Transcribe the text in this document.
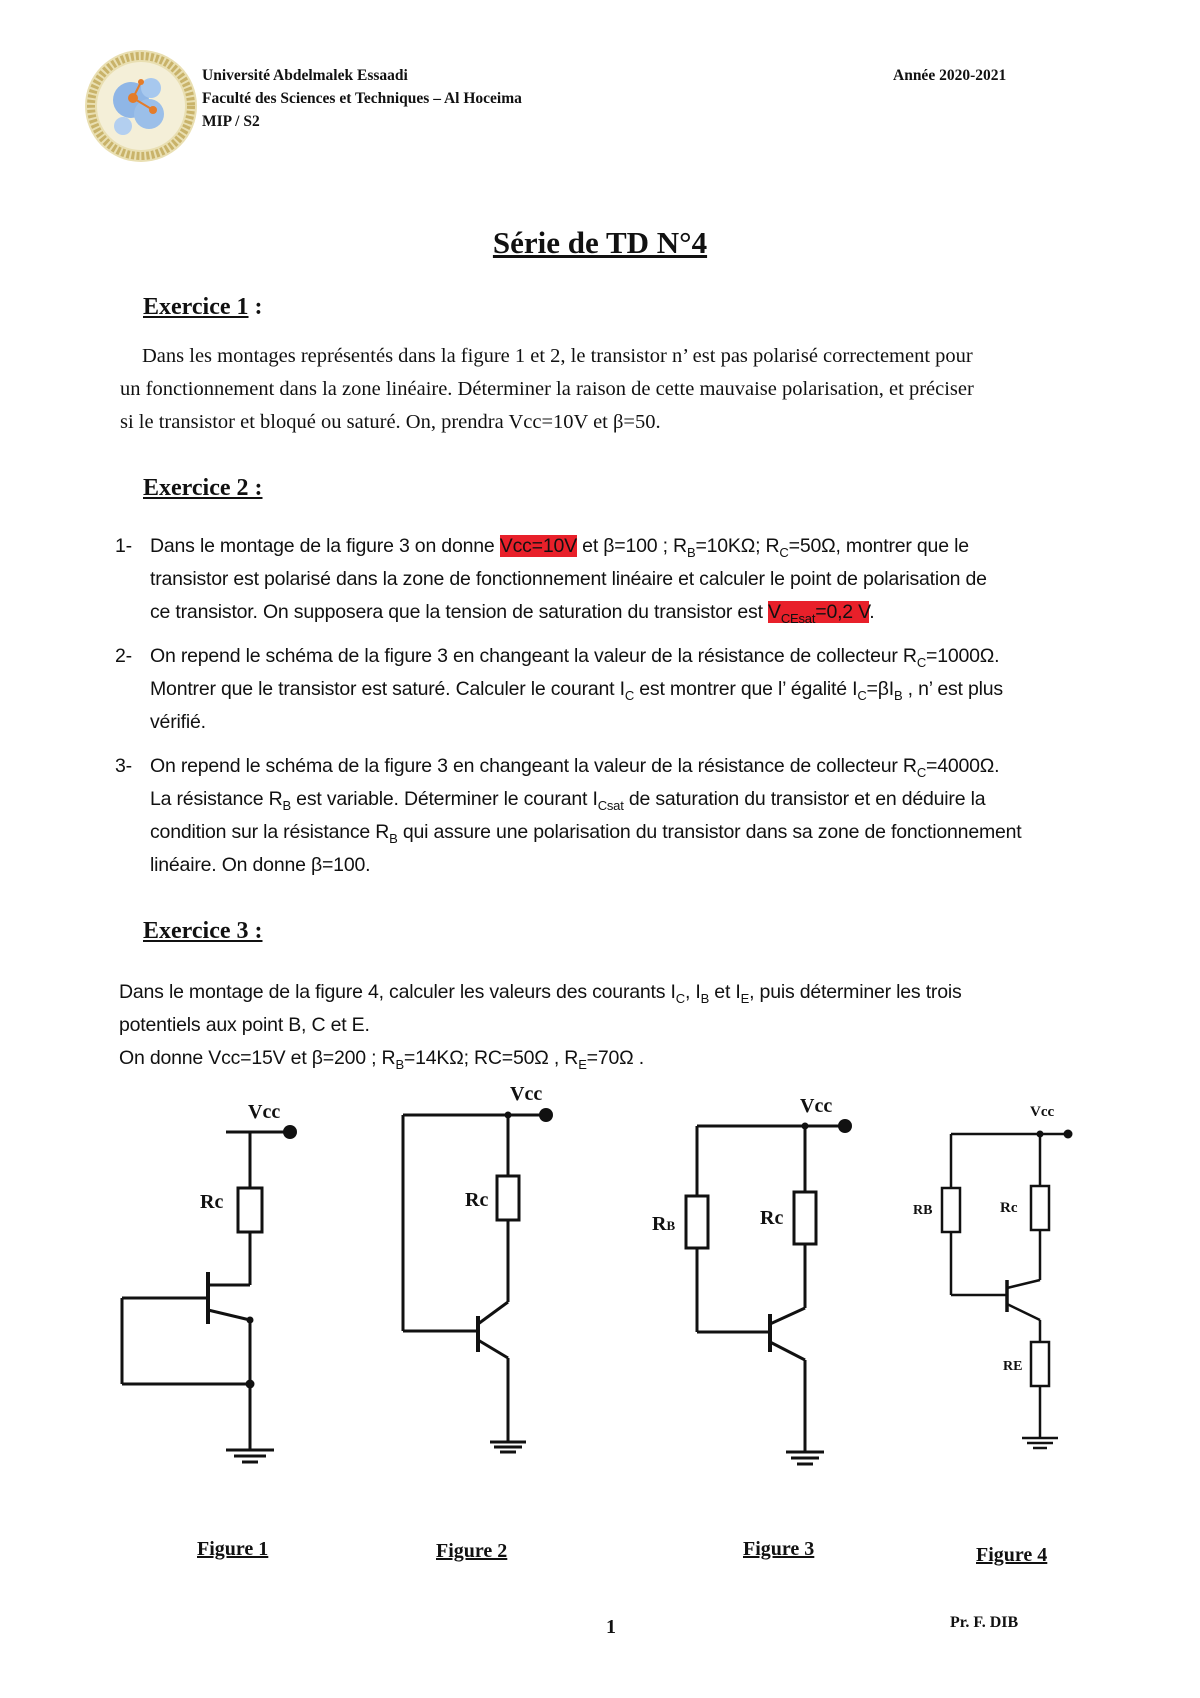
Université Abdelmalek Essaadi
Faculté des Sciences et Techniques – Al Hoceima
MIP / S2
Année 2020-2021
Série de TD N°4
Exercice 1 :
Dans les montages représentés dans la figure 1 et 2, le transistor n’ est pas polarisé correctement pour
un fonctionnement dans la zone linéaire. Déterminer la raison de cette mauvaise polarisation, et préciser
si le transistor et bloqué ou saturé. On, prendra Vcc=10V et β=50.
Exercice 2 :
1- Dans le montage de la figure 3 on donne Vcc=10V et β=100 ; $R_B=10K\Omega$; $R_C=50\Omega$, montrer que le
transistor est polarisé dans la zone de fonctionnement linéaire et calculer le point de polarisation de
ce transistor. On supposera que la tension de saturation du transistor est $V_{CEsat}=0,2$ V.
2- On repend le schéma de la figure 3 en changeant la valeur de la résistance de collecteur $R_C=1000\Omega$.
Montrer que le transistor est saturé. Calculer le courant $I_C$ est montrer que l’ égalité $I_C=\beta I_B$ , n’ est plus
vérifié.
3- On repend le schéma de la figure 3 en changeant la valeur de la résistance de collecteur $R_C=4000\Omega$.
La résistance $R_B$ est variable. Déterminer le courant $I_{Csat}$ de saturation du transistor et en déduire la
condition sur la résistance $R_B$ qui assure une polarisation du transistor dans sa zone de fonctionnement
linéaire. On donne β=100.
Exercice 3 :
Dans le montage de la figure 4, calculer les valeurs des courants $I_C$, $I_B$ et $I_E$, puis déterminer les trois
potentiels aux point B, C et E.
On donne Vcc=15V et β=200 ; $R_B=14K\Omega$; RC=50Ω , $R_E=70\Omega$ .
Vcc
Rc
Vcc
Rc
Vcc
Rc
RB
Vcc
Rc
RB
RE
Figure 1	Figure 2	Figure 3	Figure 4
1	Pr. F. DIB
